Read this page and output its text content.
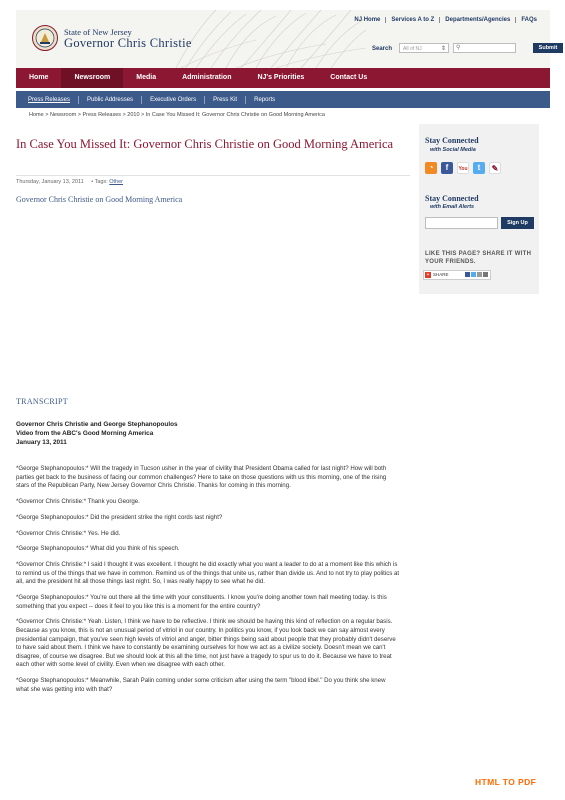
State of New Jersey
Governor Chris Christie
NJ Home	Services A to Z	Departments/Agencies	FAQs
Search	All of NJ	⇕ ⚲	Submit
Home	Newsroom	Media	Administration	NJ's Priorities	Contact Us
Press Releases	Public Addresses	Executive Orders	Press Kit	Reports
Home > Newsroom > Press Releases > 2010 > In Case You Missed It: Governor Chris Christie on Good Morning America
In Case You Missed It: Governor Chris Christie on Good Morning America
Thursday, January 13, 2011 • Tags: Other
Governor Chris Christie on Good Morning America
TRANSCRIPT
Governor Chris Christie and George Stephanopoulos
Video from the ABC's Good Morning America
January 13, 2011

*George Stephanopoulos:* Will the tragedy in Tucson usher in the year of civility that President Obama called for last night? How will both parties get back to the business of facing our common challenges? Here to take on those questions with us this morning, one of the rising stars of the Republican Party, New Jersey Governor Chris Christie. Thanks for coming in this morning.

*Governor Chris Christie:* Thank you George.

*George Stephanopoulos:* Did the president strike the right cords last night?

*Governor Chris Christie:* Yes. He did.

*George Stephanopoulos:* What did you think of his speech.

*Governor Chris Christie:* I said I thought it was excellent. I thought he did exactly what you want a leader to do at a moment like this which is to remind us of the things that we have in common. Remind us of the things that unite us, rather than divide us. And to not try to play politics at all, and the president hit all those things last night. So, I was really happy to see what he did.

*George Stephanopoulos:* You're out there all the time with your constituents. I know you're doing another town hall meeting today. Is this something that you expect -- does it feel to you like this is a moment for the entire country?

*Governor Chris Christie:* Yeah. Listen, I think we have to be reflective. I think we should be having this kind of reflection on a regular basis. Because as you know, this is not an unusual period of vitriol in our country. In politics you know, if you look back we can say almost every presidential campaign, that you've seen high levels of vitriol and anger, bitter things being said about people that they probably didn't deserve to have said about them. I think we have to constantly be examining ourselves for how we act as a civilize society. Doesn't mean we can't disagree, of course we disagree. But we should look at this all the time, not just have a tragedy to spur us to do it. Because we have to treat each other with some level of civility. Even when we disagree with each other.

*George Stephanopoulos:* Meanwhile, Sarah Palin coming under some criticism after using the term "blood libel." Do you think she knew what she was getting into with that?

Stay Connected
with Social Media
◔	f	You	t	✎
Stay Connected
with Email Alerts
Sign Up
LIKE THIS PAGE? SHARE IT WITH YOUR FRIENDS.
+ SHARE
HTML TO PDF
